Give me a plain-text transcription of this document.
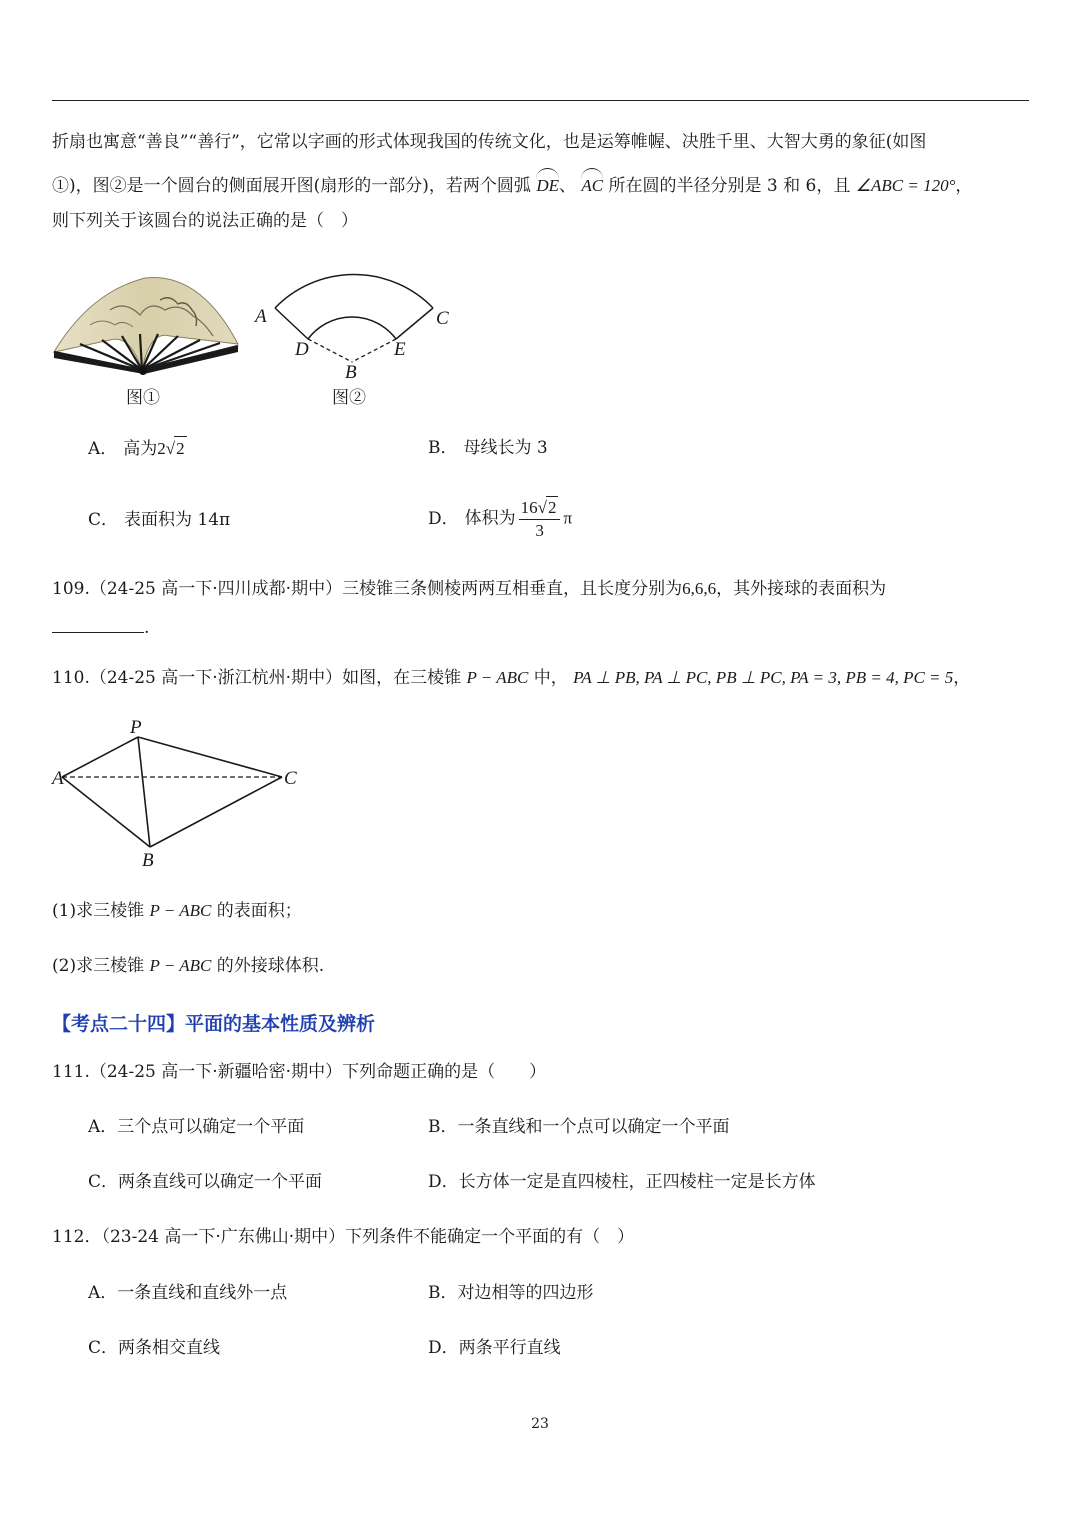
折扇也寓意“善良”“善行”，它常以字画的形式体现我国的传统文化，也是运筹帷幄、决胜千里、大智大勇的象征(如图
①)，图②是一个圆台的侧面展开图(扇形的一部分)，若两个圆弧 DE、 AC 所在圆的半径分别是 3 和 6，且 ∠ABC = 120°，
则下列关于该圆台的说法正确的是（　）
图①
A	C
D	E
B
图②
A． 高为2√2	B． 母线长为 3
C． 表面积为 14π	D． 体积为 $\frac{16√2}{3}$ π
109.（24-25 高一下·四川成都·期中）三棱锥三条侧棱两两互相垂直，且长度分别为6,6,6，其外接球的表面积为
.
110.（24-25 高一下·浙江杭州·期中）如图，在三棱锥 P − ABC 中， PA ⊥ PB, PA ⊥ PC, PB ⊥ PC, PA = 3, PB = 4, PC = 5，
P
A	C
B
(1)求三棱锥 P − ABC 的表面积；
(2)求三棱锥 P − ABC 的外接球体积.
【考点二十四】平面的基本性质及辨析
111.（24-25 高一下·新疆哈密·期中）下列命题正确的是（　　）
A．三个点可以确定一个平面	B．一条直线和一个点可以确定一个平面
C．两条直线可以确定一个平面	D．长方体一定是直四棱柱，正四棱柱一定是长方体
112．（23-24 高一下·广东佛山·期中）下列条件不能确定一个平面的有（　）
A．一条直线和直线外一点	B．对边相等的四边形
C．两条相交直线	D．两条平行直线
23
